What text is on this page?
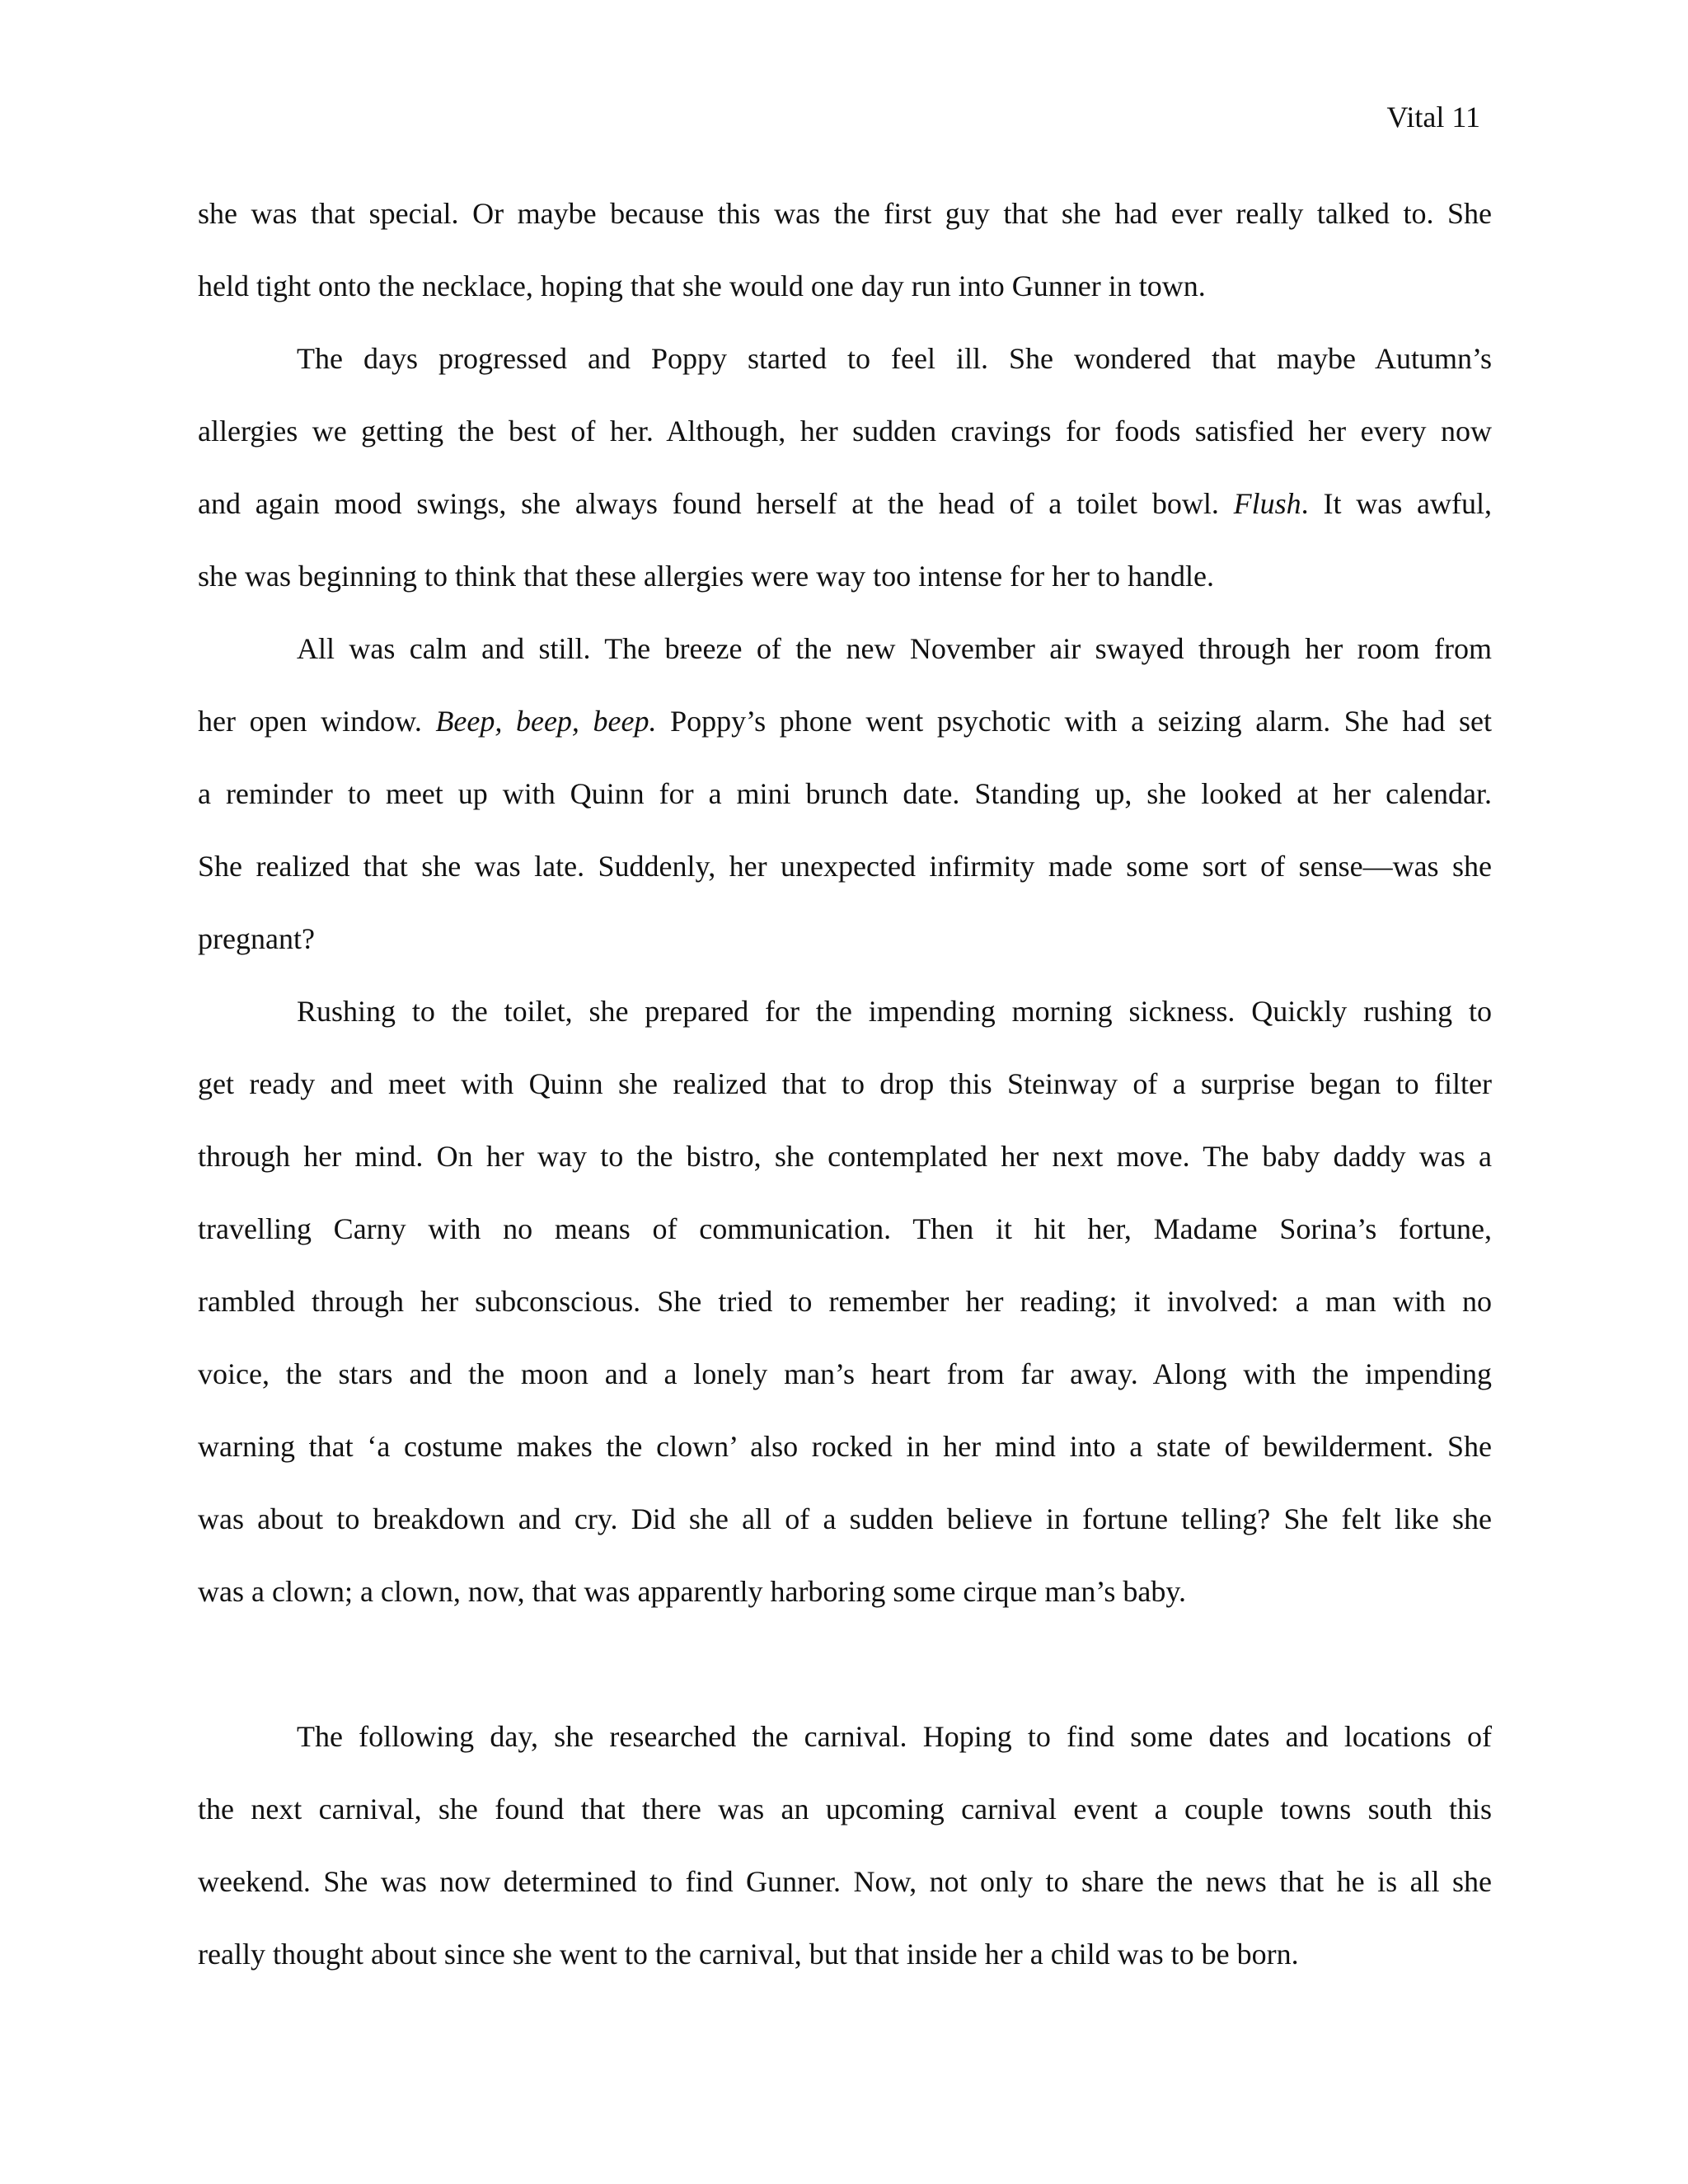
Vital 11
she was that special. Or maybe because this was the first guy that she had ever really talked to. She
held tight onto the necklace, hoping that she would one day run into Gunner in town.
The days progressed and Poppy started to feel ill. She wondered that maybe Autumn’s
allergies we getting the best of her. Although, her sudden cravings for foods satisfied her every now
and again mood swings, she always found herself at the head of a toilet bowl. Flush. It was awful,
she was beginning to think that these allergies were way too intense for her to handle.
All was calm and still. The breeze of the new November air swayed through her room from
her open window. Beep, beep, beep. Poppy’s phone went psychotic with a seizing alarm. She had set
a reminder to meet up with Quinn for a mini brunch date. Standing up, she looked at her calendar.
She realized that she was late. Suddenly, her unexpected infirmity made some sort of sense—was she
pregnant?
Rushing to the toilet, she prepared for the impending morning sickness. Quickly rushing to
get ready and meet with Quinn she realized that to drop this Steinway of a surprise began to filter
through her mind. On her way to the bistro, she contemplated her next move. The baby daddy was a
travelling Carny with no means of communication. Then it hit her, Madame Sorina’s fortune,
rambled through her subconscious. She tried to remember her reading; it involved: a man with no
voice, the stars and the moon and a lonely man’s heart from far away. Along with the impending
warning that ‘a costume makes the clown’ also rocked in her mind into a state of bewilderment. She
was about to breakdown and cry. Did she all of a sudden believe in fortune telling? She felt like she
was a clown; a clown, now, that was apparently harboring some cirque man’s baby.
The following day, she researched the carnival. Hoping to find some dates and locations of
the next carnival, she found that there was an upcoming carnival event a couple towns south this
weekend. She was now determined to find Gunner. Now, not only to share the news that he is all she
really thought about since she went to the carnival, but that inside her a child was to be born.
